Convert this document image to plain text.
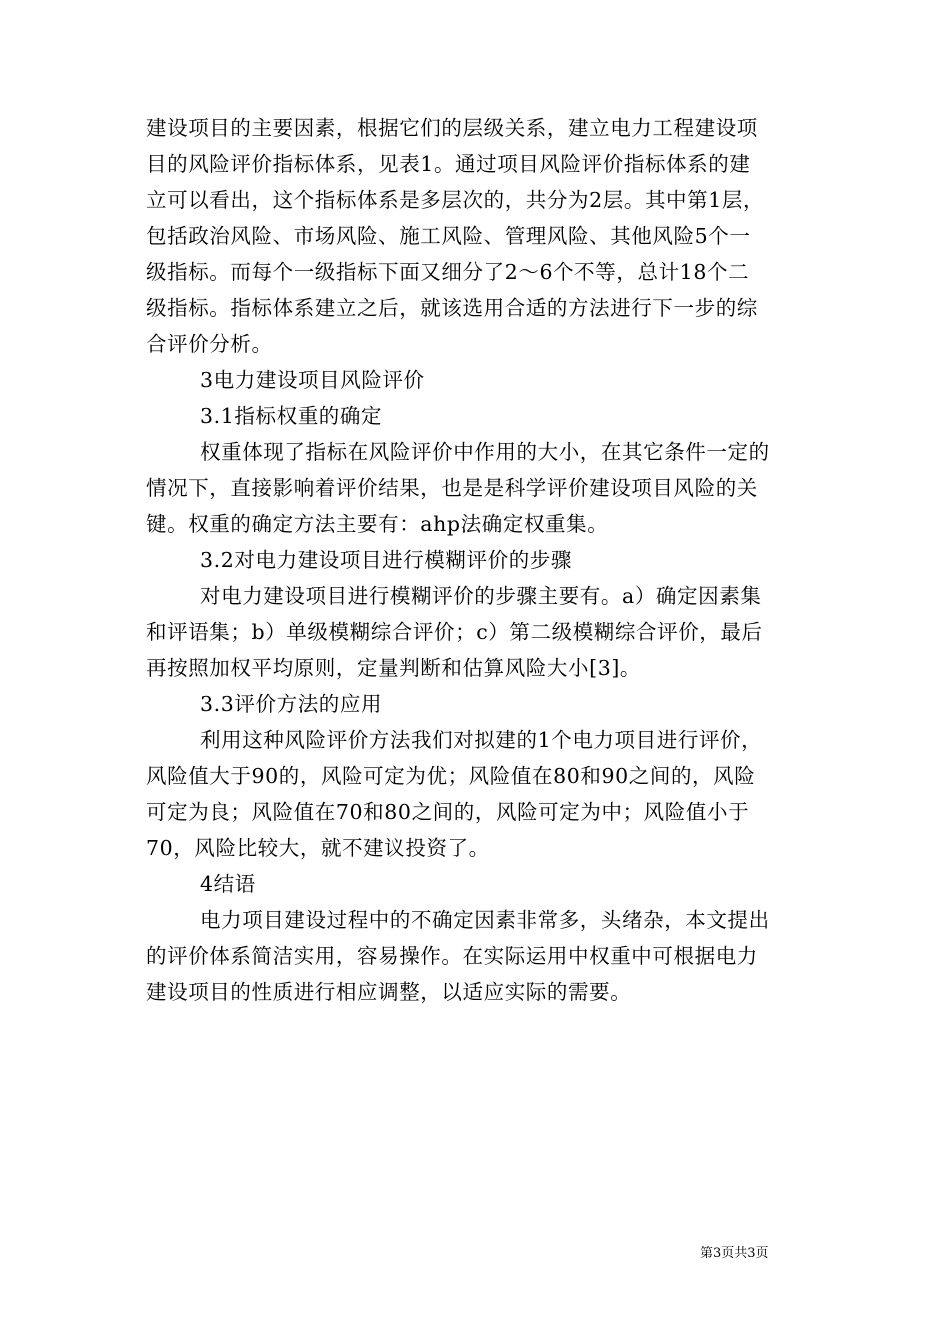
建设项目的主要因素，根据它们的层级关系，建立电力工程建设项
目的风险评价指标体系，见表1。通过项目风险评价指标体系的建
立可以看出，这个指标体系是多层次的，共分为2层。其中第1层，
包括政治风险、市场风险、施工风险、管理风险、其他风险5个一
级指标。而每个一级指标下面又细分了2～6个不等，总计18个二
级指标。指标体系建立之后，就该选用合适的方法进行下一步的综
合评价分析。
3电力建设项目风险评价
3.1指标权重的确定
权重体现了指标在风险评价中作用的大小，在其它条件一定的
情况下，直接影响着评价结果，也是是科学评价建设项目风险的关
键。权重的确定方法主要有：ahp法确定权重集。
3.2对电力建设项目进行模糊评价的步骤
对电力建设项目进行模糊评价的步骤主要有。a）确定因素集
和评语集；b）单级模糊综合评价；c）第二级模糊综合评价，最后
再按照加权平均原则，定量判断和估算风险大小[3]。
3.3评价方法的应用
利用这种风险评价方法我们对拟建的1个电力项目进行评价，
风险值大于90的，风险可定为优；风险值在80和90之间的，风险
可定为良；风险值在70和80之间的，风险可定为中；风险值小于
70，风险比较大，就不建议投资了。
4结语
电力项目建设过程中的不确定因素非常多，头绪杂，本文提出
的评价体系简洁实用，容易操作。在实际运用中权重中可根据电力
建设项目的性质进行相应调整，以适应实际的需要。
第3页共3页
